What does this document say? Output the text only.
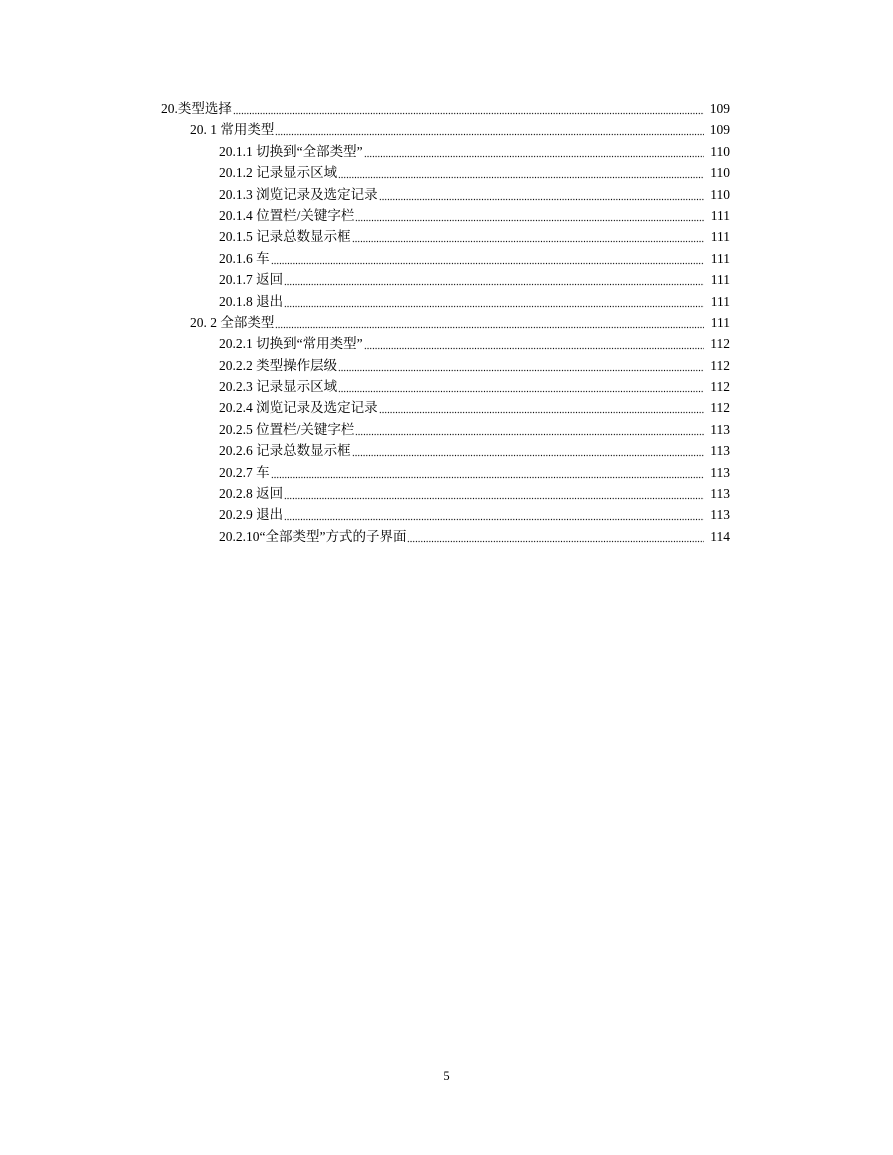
20.类型选择	109
20. 1 常用类型	109
20.1.1 切换到“全部类型”	110
20.1.2 记录显示区域	110
20.1.3 浏览记录及选定记录	110
20.1.4 位置栏/关键字栏	111
20.1.5 记录总数显示框	111
20.1.6 车	111
20.1.7 返回	111
20.1.8 退出	111
20. 2 全部类型	111
20.2.1 切换到“常用类型”	112
20.2.2 类型操作层级	112
20.2.3 记录显示区域	112
20.2.4 浏览记录及选定记录	112
20.2.5 位置栏/关键字栏	113
20.2.6 记录总数显示框	113
20.2.7 车	113
20.2.8 返回	113
20.2.9 退出	113
20.2.10“全部类型”方式的子界面	114
5
